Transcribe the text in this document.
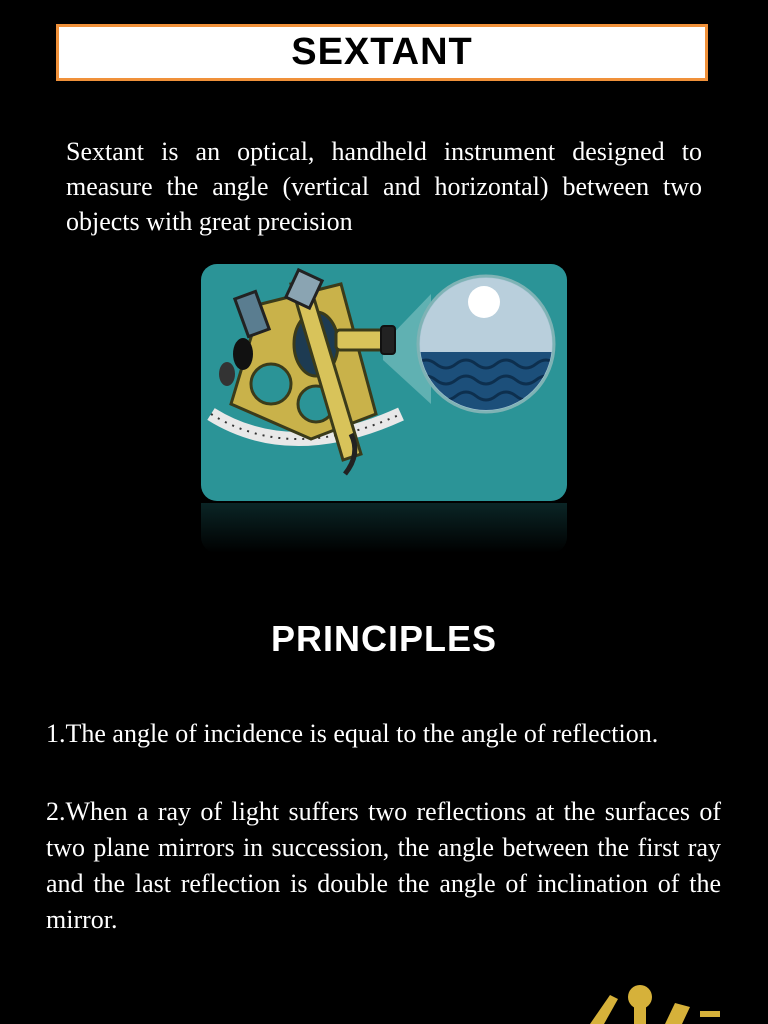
SEXTANT

Sextant is an optical, handheld instrument designed to measure the angle (vertical and horizontal) between two objects with great precision

PRINCIPLES

1.The angle of incidence is equal to the angle of reflection.

2.When a ray of light suffers two reflections at the surfaces of two plane mirrors in succession, the angle between the first ray and the last reflection is double the angle of inclination of the mirror.
